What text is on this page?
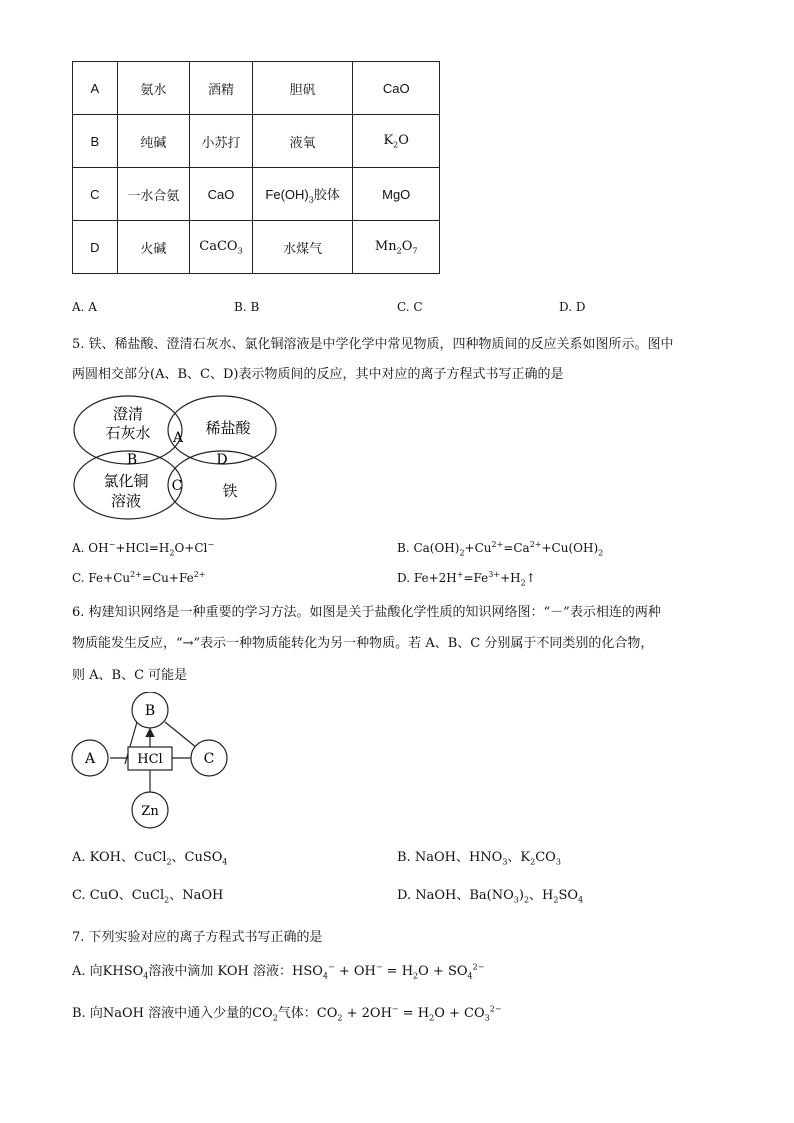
A	氨水	酒精	胆矾	CaO
B	纯碱	小苏打	液氧	$K_2O$
C	一水合氨	CaO	$Fe(OH)_3$胶体	MgO
D	火碱	CaCO$_3$	水煤气	$Mn_2O_7$
A. A	B. B	C. C	D. D
5. 铁、稀盐酸、澄清石灰水、氯化铜溶液是中学化学中常见物质，四种物质间的反应关系如图所示。图中
两圆相交部分(A、B、C、D)表示物质间的反应，其中对应的离子方程式书写正确的是
澄清
石灰水	稀盐酸
氯化铜
溶液
铁
A
B
C
D
A. $OH^-+HCl=H_2O+Cl^-$	B. $Ca(OH)_2+Cu^{2+}=Ca^{2+}+Cu(OH)_2$
C. $Fe+Cu^{2+}=Cu+Fe^{2+}$	D. $Fe+2H^+=Fe^{3+}+H_2↑$
6. 构建知识网络是一种重要的学习方法。如图是关于盐酸化学性质的知识网络图：“－”表示相连的两种
物质能发生反应，“→”表示一种物质能转化为另一种物质。若 A、B、C 分别属于不同类别的化合物，
则 A、B、C 可能是
B
A	C
HCl
Zn
A. KOH、CuCl$_2$、CuSO$_4$	B. NaOH、$HNO_3$、$K_2CO_3$
C. CuO、CuCl$_2$、NaOH	D. NaOH、$Ba(NO_3)_2$、$H_2SO_4$
7. 下列实验对应的离子方程式书写正确的是
A. 向$KHSO_4$溶液中滴加 KOH 溶液：$HSO_4^- + OH^- = H_2O + SO_4^{2-}$
B. 向NaOH 溶液中通入少量的$CO_2$气体：$CO_2 + 2OH^- = H_2O + CO_3^{2-}$
